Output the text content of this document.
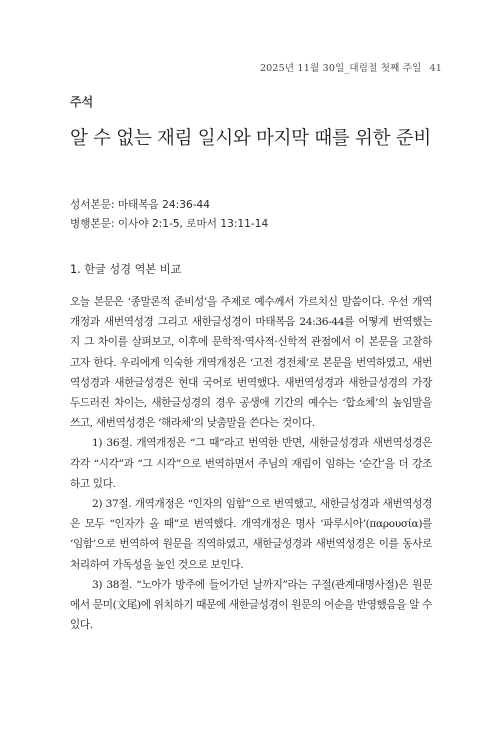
2025년 11월 30일_대림절 첫째 주일 41
주석
알 수 없는 재림 일시와 마지막 때를 위한 준비
성서본문: 마태복음 24:36-44
병행본문: 이사야 2:1-5, 로마서 13:11-14
1. 한글 성경 역본 비교

오늘 본문은 ‘종말론적 준비성’을 주제로 예수께서 가르치신 말씀이다. 우선 개역개정과 새번역성경 그리고 새한글성경이 마태복음 24:36-44를 어떻게 번역했는지 그 차이를 살펴보고, 이후에 문학적·역사적·신학적 관점에서 이 본문을 고찰하고자 한다. 우리에게 익숙한 개역개정은 ‘고전 경전체’로 본문을 번역하였고, 새번역성경과 새한글성경은 현대 국어로 번역했다. 새번역성경과 새한글성경의 가장 두드러진 차이는, 새한글성경의 경우 공생애 기간의 예수는 ‘합쇼체’의 높임말을 쓰고, 새번역성경은 ‘해라체’의 낮춤말을 쓴다는 것이다.

1) 36절. 개역개정은 “그 때”라고 번역한 반면, 새한글성경과 새번역성경은 각각 “시각”과 “그 시각”으로 번역하면서 주님의 재림이 임하는 ‘순간’을 더 강조하고 있다.

2) 37절. 개역개정은 “인자의 임함”으로 번역했고, 새한글성경과 새번역성경은 모두 “인자가 올 때”로 번역했다. 개역개정은 명사 ‘파루시아’(παρουσία)를 ‘임함’으로 번역하여 원문을 직역하였고, 새한글성경과 새번역성경은 이를 동사로 처리하여 가독성을 높인 것으로 보인다.

3) 38절. “노아가 방주에 들어가던 날까지”라는 구절(관계대명사절)은 원문에서 문미(文尾)에 위치하기 때문에 새한글성경이 원문의 어순을 반영했음을 알 수 있다.
